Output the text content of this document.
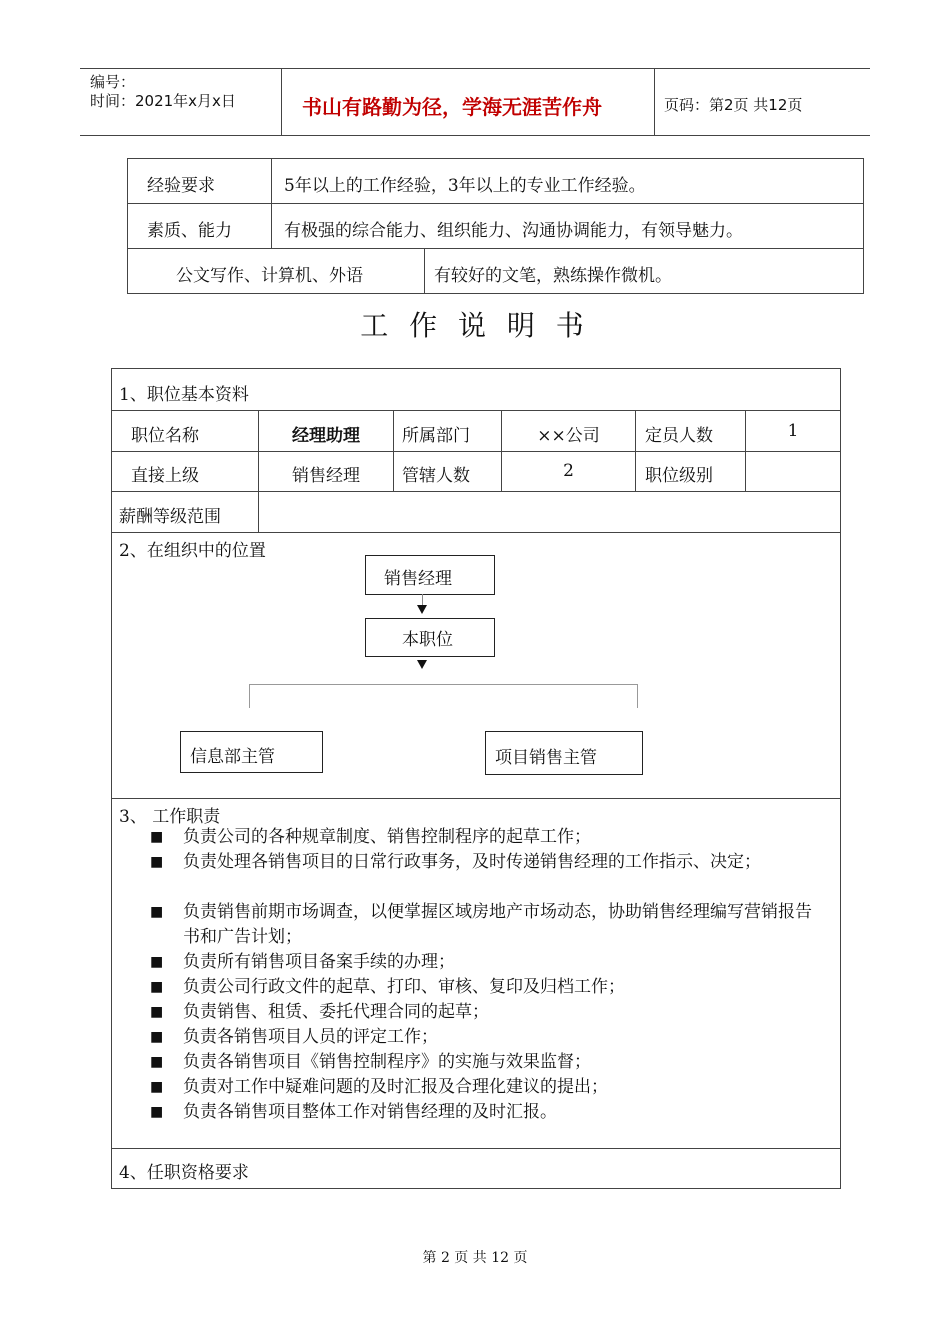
编号：
时间：2021年x月x日	书山有路勤为径，学海无涯苦作舟	页码：第2页 共12页
经验要求	5年以上的工作经验，3年以上的专业工作经验。
素质、能力	有极强的综合能力、组织能力、沟通协调能力，有领导魅力。
公文写作、计算机、外语	有较好的文笔，熟练操作微机。
工 作 说 明 书
1、职位基本资料
职位名称	经理助理	所属部门	××公司	定员人数	1
直接上级	销售经理	管辖人数	2	职位级别
薪酬等级范围
2、在组织中的位置
销售经理
本职位
信息部主管	项目销售主管
3、 工作职责
■ 负责公司的各种规章制度、销售控制程序的起草工作；
■ 负责处理各销售项目的日常行政事务，及时传递销售经理的工作指示、决定；
■ 负责销售前期市场调查，以便掌握区域房地产市场动态，协助销售经理编写营销报告书和广告计划；
■ 负责所有销售项目备案手续的办理；
■ 负责公司行政文件的起草、打印、审核、复印及归档工作；
■ 负责销售、租赁、委托代理合同的起草；
■ 负责各销售项目人员的评定工作；
■ 负责各销售项目《销售控制程序》的实施与效果监督；
■ 负责对工作中疑难问题的及时汇报及合理化建议的提出；
■ 负责各销售项目整体工作对销售经理的及时汇报。
4、任职资格要求
第 2 页 共 12 页
